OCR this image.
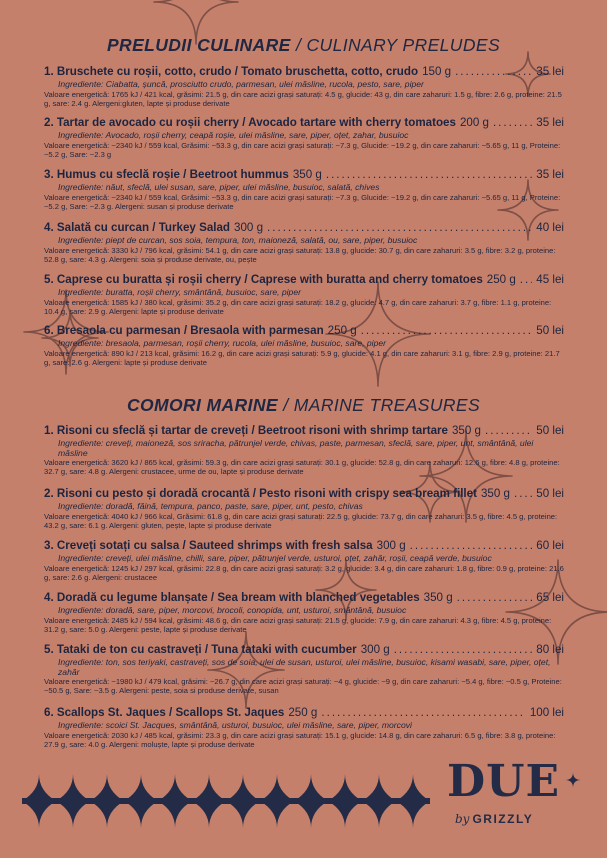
PRELUDII CULINARE / CULINARY PRELUDES
1. Bruschete cu roșii, cotto, crudo / Tomato bruschetta, cotto, crudo 150 g .....	35 lei
Ingrediente: Ciabatta, șuncă, prosciutto crudo, parmesan, ulei măsline, rucola, pesto, sare, piper
Valoare energetică: 1765 kJ / 421 kcal, grăsimi: 21.5 g, din care acizi grași saturați: 4.5 g, glucide: 43 g, din care zaharuri: 1.5 g, fibre: 2.6 g, proteine: 21.5 g, sare: 2.4 g. Alergeni:gluten, lapte și produse derivate
2. Tartar de avocado cu roșii cherry / Avocado tartare with cherry tomatoes 200 g .....	35 lei
Ingrediente: Avocado, roșii cherry, ceapă roșie, ulei măsline, sare, piper, oțet, zahar, busuioc
Valoare energetică: ~2340 kJ / 559 kcal, Grăsimi: ~53.3 g, din care acizi grași saturați: ~7.3 g, Glucide: ~19.2 g, din care zaharuri: ~5.65 g, 11 g, Proteine: ~5.2 g, Sare: ~2.3 g
3. Humus cu sfeclă roșie / Beetroot hummus 350 g .....	35 lei
Ingrediente: năut, sfeclă, ulei susan, sare, piper, ulei măsline, busuioc, salată, chives
Valoare energetică: ~2340 kJ / 559 kcal, Grăsimi: ~53.3 g, din care acizi grași saturați: ~7.3 g, Glucide: ~19.2 g, din care zaharuri: ~5.65 g, 11 g, Proteine: ~5.2 g, Sare: ~2.3 g. Alergeni: susan și produse derivate
4. Salată cu curcan / Turkey Salad 300 g .....	40 lei
Ingrediente: piept de curcan, sos soia, tempura, ton, maioneză, salată, ou, sare, piper, busuioc
Valoare energetică: 3330 kJ / 796 kcal, grăsimi: 54.1 g, din care acizi grași saturați: 13.8 g, glucide: 30.7 g, din care zaharuri: 3.5 g, fibre: 3.2 g, proteine: 52.8 g, sare: 4.3 g. Alergeni: soia și produse derivate, ou, pește
5. Caprese cu buratta și roșii cherry / Caprese with buratta and cherry tomatoes 250 g ..... 45 lei
Ingrediente: buratta, roșii cherry, smântână, busuioc, sare, piper
Valoare energetică: 1585 kJ / 380 kcal, grăsimi: 35.2 g, din care acizi grași saturați: 18.2 g, glucide: 4.7 g, din care zaharuri: 3.7 g, fibre: 1.1 g, proteine: 10.4 g, sare: 2.9 g. Alergeni: lapte și produse derivate
6. Bresaola cu parmesan / Bresaola with parmesan 250 g .....	50 lei
Ingrediente: bresaola, parmesan, roșii cherry, rucola, ulei măsline, busuioc, sare, piper
Valoare energetică: 890 kJ / 213 kcal, grăsimi: 16.2 g, din care acizi grași saturați: 5.9 g, glucide: 4.1 g, din care zaharuri: 3.1 g, fibre: 2.9 g, proteine: 21.7 g, sare: 2.6 g. Alergeni: lapte și produse derivate
COMORI MARINE / MARINE TREASURES
1. Risoni cu sfeclă și tartar de creveți / Beetroot risoni with shrimp tartare 350 g .....	50 lei
Ingrediente: creveți, maioneză, sos sriracha, pătrunjel verde, chivas, paste, parmesan, sfeclă, sare, piper, unt, smântână, ulei măsline
Valoare energetică: 3620 kJ / 865 kcal, grăsimi: 59.3 g, din care acizi grași saturați: 30.1 g, glucide: 52.8 g, din care zaharuri: 12.6 g, fibre: 4.8 g, proteine: 32.7 g, sare: 4.8 g. Alergeni: crustacee, urme de ou, lapte și produse derivate
2. Risoni cu pesto și doradă crocantă / Pesto risoni with crispy sea bream fillet 350 g ..... 50 lei
Ingrediente: doradă, făină, tempura, panco, paste, sare, piper, unt, pesto, chivas
Valoare energetică: 4040 kJ / 966 kcal, Grăsimi: 61.8 g, din care acizi grași saturați: 22.5 g, glucide: 73.7 g, din care zaharuri: 3.5 g, fibre: 4.5 g, proteine: 43.2 g, sare: 6.1 g. Alergeni: gluten, pește, lapte și produse derivate
3. Creveți sotați cu salsa / Sauteed shrimps with fresh salsa 300 g .....	60 lei
Ingrediente: creveți, ulei măsline, chilli, sare, piper, pătrunjel verde, usturoi, oțet, zahăr, roșii, ceapă verde, busuioc
Valoare energetică: 1245 kJ / 297 kcal, grăsimi: 22.8 g, din care acizi grași saturați: 3.2 g, glucide: 3.4 g, din care zaharuri: 1.8 g, fibre: 0.9 g, proteine: 21.6 g, sare: 2.6 g. Alergeni: crustacee
4. Doradă cu legume blanșate / Sea bream with blanched vegetables 350 g .....	65 lei
Ingrediente: doradă, sare, piper, morcovi, brocoli, conopida, unt, usturoi, smântână, busuioc
Valoare energetică: 2485 kJ / 594 kcal, grăsimi: 48.6 g, din care acizi grași saturați: 21.5 g, glucide: 7.9 g, din care zaharuri: 4.3 g, fibre: 4.5 g, proteine: 31.2 g, sare: 5.0 g. Alergeni: peste, lapte și produse derivate
5. Tataki de ton cu castraveți / Tuna tataki with cucumber 300 g .....	80 lei
Ingrediente: ton, sos teriyaki, castraveți, sos de soia, ulei de susan, usturoi, ulei măsline, busuioc, kisami wasabi, sare, piper, oțet, zahăr
Valoare energetică: ~1980 kJ / 479 kcal, grăsimi: ~26.7 g, din care acizi grași saturați: ~4 g, glucide: ~9 g, din care zaharuri: ~5.4 g, fibre: ~0.5 g, Proteine: ~50.5 g, Sare: ~3.5 g. Alergeni: peste, soia si produse derivate, susan
6. Scallops St. Jaques / Scallops St. Jaques 250 g .....	100 lei
Ingrediente: scoici St. Jacques, smântână, usturoi, busuioc, ulei măsline, sare, piper, morcovi
Valoare energetică: 2030 kJ / 485 kcal, grăsimi: 23.3 g, din care acizi grași saturați: 15.1 g, glucide: 14.8 g, din care zaharuri: 6.5 g, fibre: 3.8 g, proteine: 27.9 g, sare: 4.0 g. Alergeni: moluște, lapte și produse derivate
DUE
by GRIZZLY
